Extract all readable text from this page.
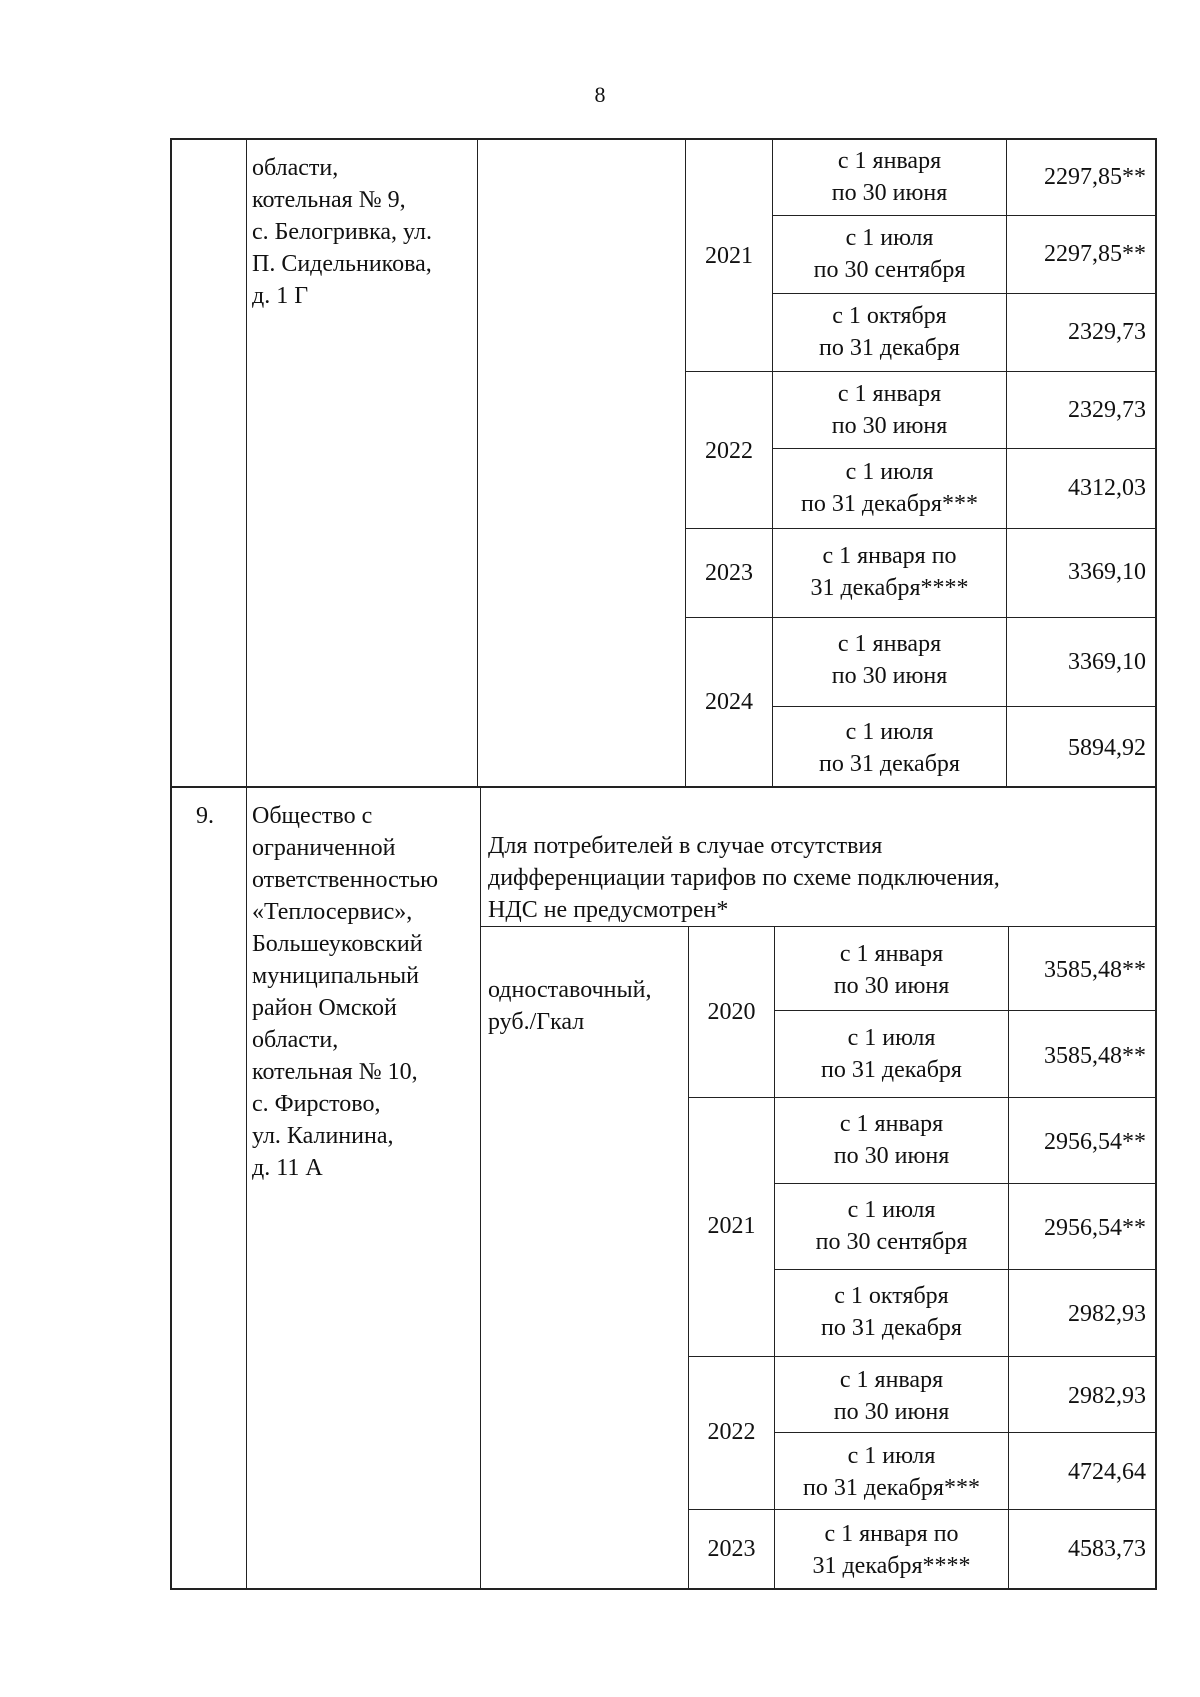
8
области,
котельная № 9,
с. Белогривка, ул.
П. Сидельникова,
д. 1 Г
2021
2022
2023
2024
с 1 января
по 30 июня
2297,85**
с 1 июля
по 30 сентября
2297,85**
с 1 октября
по 31 декабря
2329,73
с 1 января
по 30 июня
2329,73
с 1 июля
по 31 декабря***
4312,03
с 1 января по
31 декабря****
3369,10
с 1 января
по 30 июня
3369,10
с 1 июля
по 31 декабря
5894,92
9. Общество с
ограниченной
ответственностью
«Теплосервис»,
Большеуковский
муниципальный
район Омской
области,
котельная № 10,
с. Фирстово,
ул. Калинина,
д. 11 А
Для потребителей в случае отсутствия
дифференциации тарифов по схеме подключения,
НДС не предусмотрен*
одноставочный,
руб./Гкал	2020
2021
2022
2023
с 1 января
по 30 июня
3585,48**
с 1 июля
по 31 декабря
3585,48**
с 1 января
по 30 июня
2956,54**
с 1 июля
по 30 сентября
2956,54**
с 1 октября
по 31 декабря
2982,93
с 1 января
по 30 июня
2982,93
с 1 июля
по 31 декабря***
4724,64
с 1 января по
31 декабря****
4583,73
